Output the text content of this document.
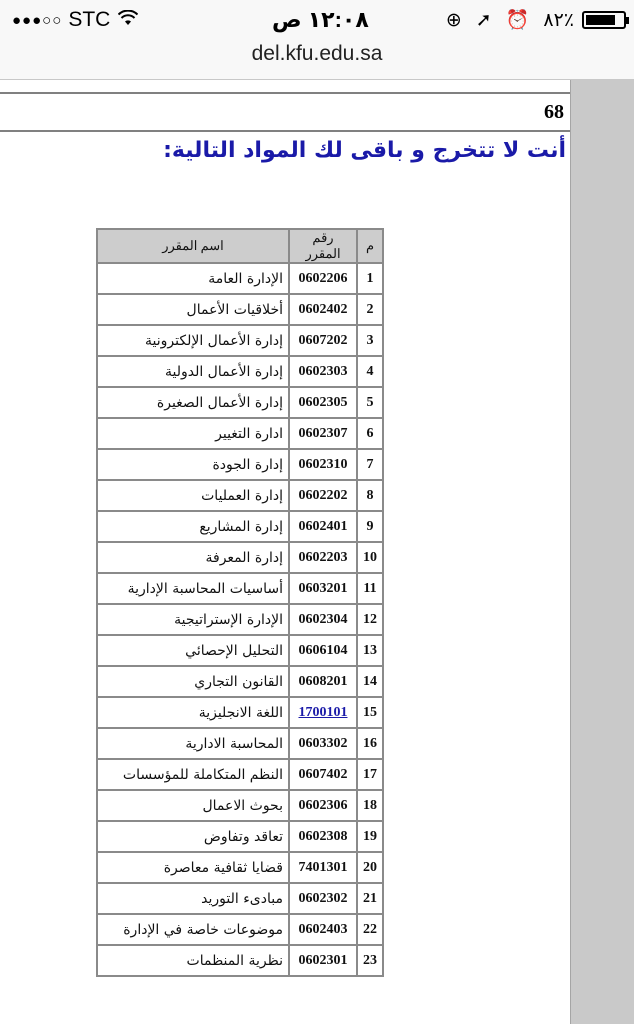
●●●○○ STC	١٢:٠٨ ص	⊕ ➚ ⏰ ٨٢٪
del.kfu.edu.sa
68
أنت لا تتخرج و باقى لك المواد التالية:
م	رقم المقرر	اسم المقرر
1	0602206	الإدارة العامة
2	0602402	أخلاقيات الأعمال
3	0607202	إدارة الأعمال الإلكترونية
4	0602303	إدارة الأعمال الدولية
5	0602305	إدارة الأعمال الصغيرة
6	0602307	ادارة التغيير
7	0602310	إدارة الجودة
8	0602202	إدارة العمليات
9	0602401	إدارة المشاريع
10	0602203	إدارة المعرفة
11	0603201	أساسيات المحاسبة الإدارية
12	0602304	الإدارة الإستراتيجية
13	0606104	التحليل الإحصائي
14	0608201	القانون التجاري
15	1700101	اللغة الانجليزية
16	0603302	المحاسبة الادارية
17	0607402	النظم المتكاملة للمؤسسات
18	0602306	بحوث الاعمال
19	0602308	تعاقد وتفاوض
20	7401301	قضايا ثقافية معاصرة
21	0602302	مبادىء التوريد
22	0602403	موضوعات خاصة في الإدارة
23	0602301	نظرية المنظمات
